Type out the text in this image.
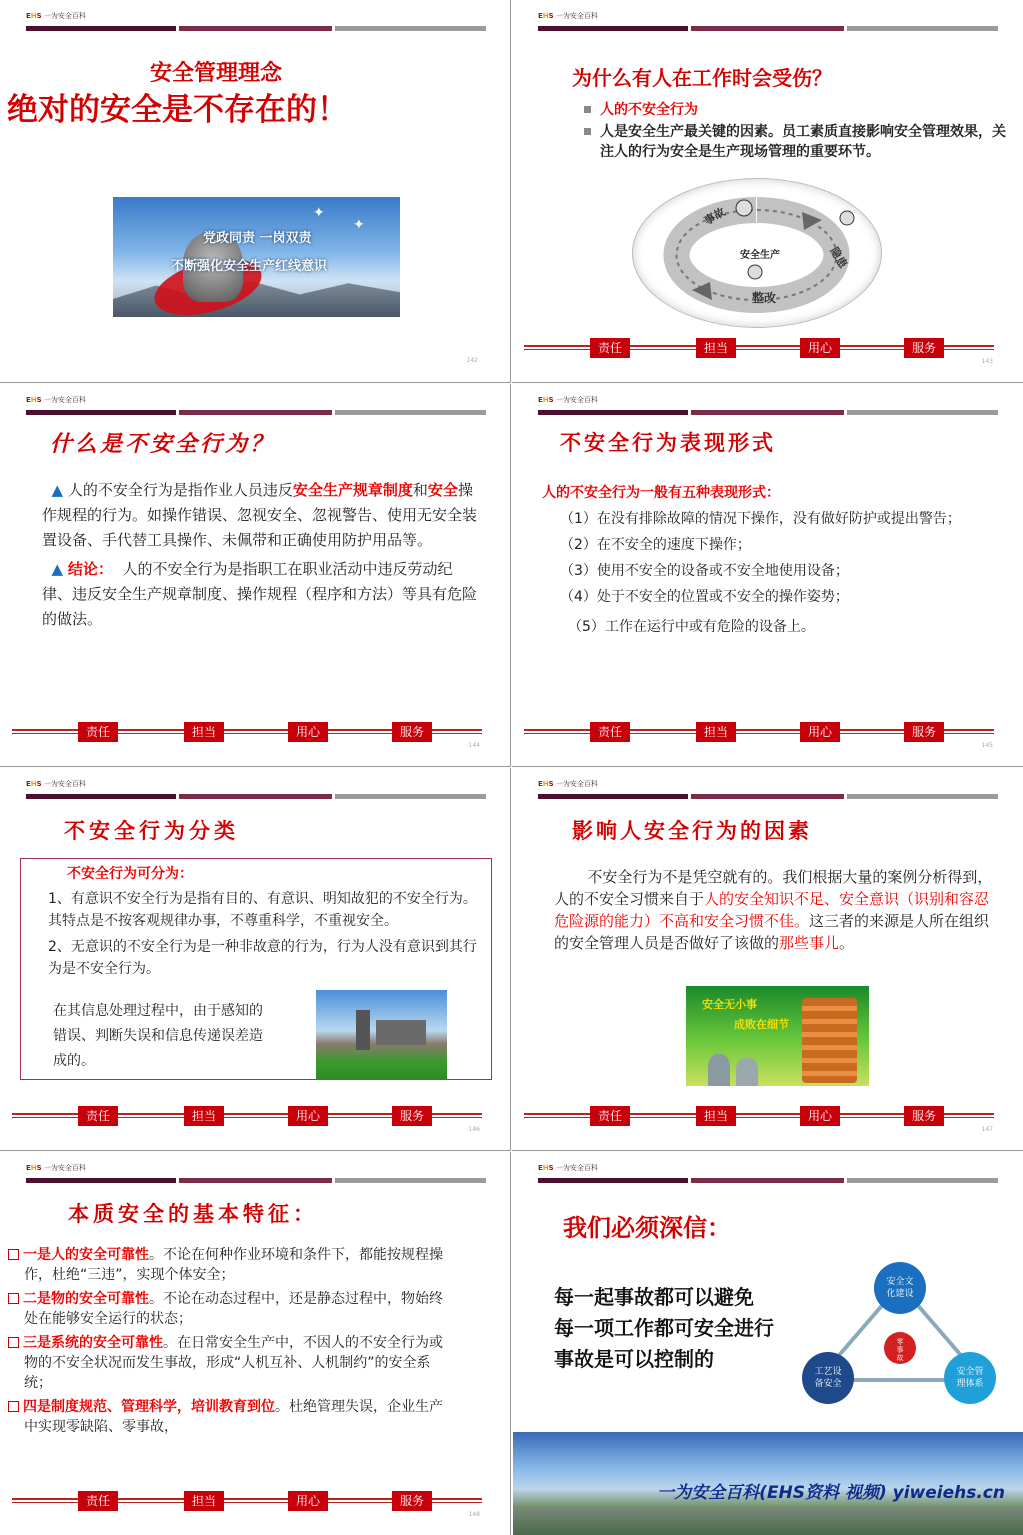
EHS 一为安全百科
安全管理理念
绝对的安全是不存在的！
✦
✦
党政同责 一岗双责
不断强化安全生产红线意识
142
EHS 一为安全百科
为什么有人在工作时会受伤？
人的不安全行为
人是安全生产最关键的因素。员工素质直接影响安全管理效果，关注人的行为安全是生产现场管理的重要环节。
事故
隐患
整改
安全生产
责任	担当	用心	服务
143
EHS 一为安全百科
责任	担当	用心	服务
144
EHS 一为安全百科
责任	担当	用心	服务
145
EHS 一为安全百科
责任	担当	用心	服务
146
EHS 一为安全百科
责任	担当	用心	服务
147
EHS 一为安全百科
责任	担当	用心	服务
148
EHS 一为安全百科
什么是不安全行为？

▲ 人的不安全行为是指作业人员违反安全生产规章制度和安全操作规程的行为。如操作错误、忽视安全、忽视警告、使用无安全装置设备、手代替工具操作、未佩带和正确使用防护用品等。

▲ 结论： 人的不安全行为是指职工在职业活动中违反劳动纪律、违反安全生产规章制度、操作规程（程序和方法）等具有危险的做法。

不安全行为表现形式

人的不安全行为一般有五种表现形式：

（1）在没有排除故障的情况下操作，没有做好防护或提出警告；

（2）在不安全的速度下操作；

（3）使用不安全的设备或不安全地使用设备；

（4）处于不安全的位置或不安全的操作姿势；

（5）工作在运行中或有危险的设备上。

不安全行为分类
不安全行为可分为：
1、有意识不安全行为是指有目的、有意识、明知故犯的不安全行为。其特点是不按客观规律办事，不尊重科学，不重视安全。
2、无意识的不安全行为是一种非故意的行为，行为人没有意识到其行为是不安全行为。
在其信息处理过程中，由于感知的错误、判断失误和信息传递误差造成的。
影响人安全行为的因素
不安全行为不是凭空就有的。我们根据大量的案例分析得到，人的不安全习惯来自于人的安全知识不足、安全意识（识别和容忍危险源的能力）不高和安全习惯不佳。这三者的来源是人所在组织的安全管理人员是否做好了该做的那些事儿。
安全无小事
成败在细节
本质安全的基本特征：
一是人的安全可靠性。不论在何种作业环境和条件下，都能按规程操作，杜绝“三违”，实现个体安全；
二是物的安全可靠性。不论在动态过程中，还是静态过程中，物始终处在能够安全运行的状态；
三是系统的安全可靠性。在日常安全生产中，不因人的不安全行为或物的不安全状况而发生事故，形成“人机互补、人机制约”的安全系统；
四是制度规范、管理科学，培训教育到位。杜绝管理失误，企业生产中实现零缺陷、零事故，
我们必须深信：
每一起事故都可以避免
每一项工作都可安全进行
事故是可以控制的
安全文
化建设
工艺设
备安全
安全管
理体系
零
事
故
一为安全百科(EHS资料 视频) yiweiehs.cn
